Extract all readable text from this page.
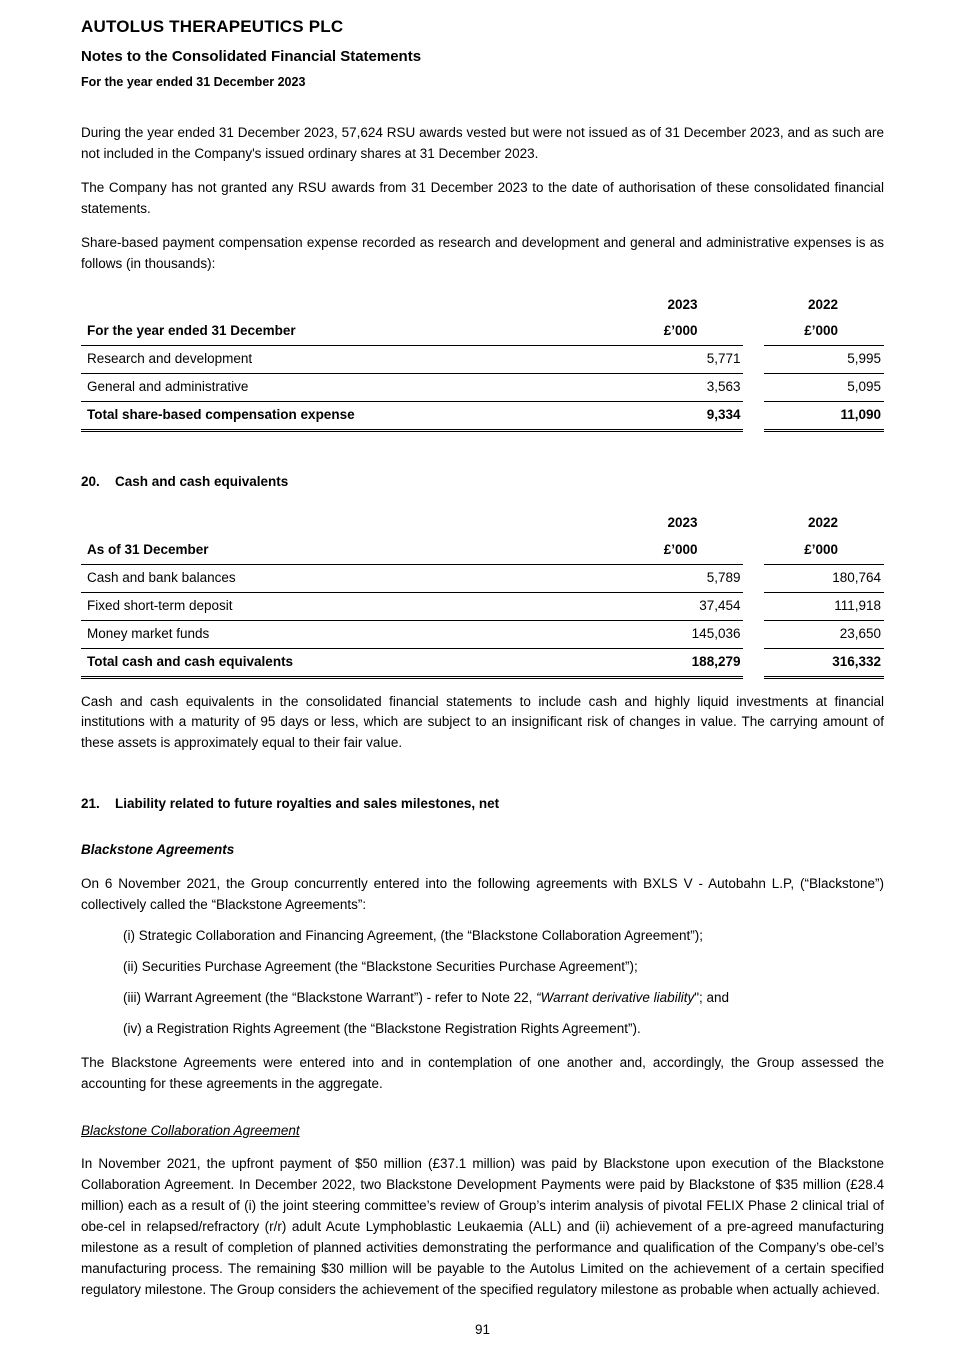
AUTOLUS THERAPEUTICS PLC
Notes to the Consolidated Financial Statements
For the year ended 31 December 2023

During the year ended 31 December 2023, 57,624 RSU awards vested but were not issued as of 31 December 2023, and as such are not included in the Company's issued ordinary shares at 31 December 2023.

The Company has not granted any RSU awards from 31 December 2023 to the date of authorisation of these consolidated financial statements.

Share-based payment compensation expense recorded as research and development and general and administrative expenses is as follows (in thousands):

	2023		2022
For the year ended 31 December	£’000		£’000
Research and development	5,771		5,995
General and administrative	3,563		5,095
Total share-based compensation expense	9,334		11,090
20. Cash and cash equivalents
	2023		2022
As of 31 December	£’000		£’000
Cash and bank balances	5,789		180,764
Fixed short-term deposit	37,454		111,918
Money market funds	145,036		23,650
Total cash and cash equivalents	188,279		316,332

Cash and cash equivalents in the consolidated financial statements to include cash and highly liquid investments at financial institutions with a maturity of 95 days or less, which are subject to an insignificant risk of changes in value. The carrying amount of these assets is approximately equal to their fair value.

21. Liability related to future royalties and sales milestones, net
Blackstone Agreements

On 6 November 2021, the Group concurrently entered into the following agreements with BXLS V - Autobahn L.P, (“Blackstone”) collectively called the “Blackstone Agreements”:

(i) Strategic Collaboration and Financing Agreement, (the “Blackstone Collaboration Agreement”);

(ii) Securities Purchase Agreement (the “Blackstone Securities Purchase Agreement”);

(iii) Warrant Agreement (the “Blackstone Warrant”) - refer to Note 22, “Warrant derivative liability"; and

(iv) a Registration Rights Agreement (the “Blackstone Registration Rights Agreement”).

The Blackstone Agreements were entered into and in contemplation of one another and, accordingly, the Group assessed the accounting for these agreements in the aggregate.

Blackstone Collaboration Agreement

In November 2021, the upfront payment of $50 million (£37.1 million) was paid by Blackstone upon execution of the Blackstone Collaboration Agreement. In December 2022, two Blackstone Development Payments were paid by Blackstone of $35 million (£28.4 million) each as a result of (i) the joint steering committee’s review of Group’s interim analysis of pivotal FELIX Phase 2 clinical trial of obe-cel in relapsed/refractory (r/r) adult Acute Lymphoblastic Leukaemia (ALL) and (ii) achievement of a pre-agreed manufacturing milestone as a result of completion of planned activities demonstrating the performance and qualification of the Company’s obe-cel’s manufacturing process. The remaining $30 million will be payable to the Autolus Limited on the achievement of a certain specified regulatory milestone. The Group considers the achievement of the specified regulatory milestone as probable when actually achieved.

91
